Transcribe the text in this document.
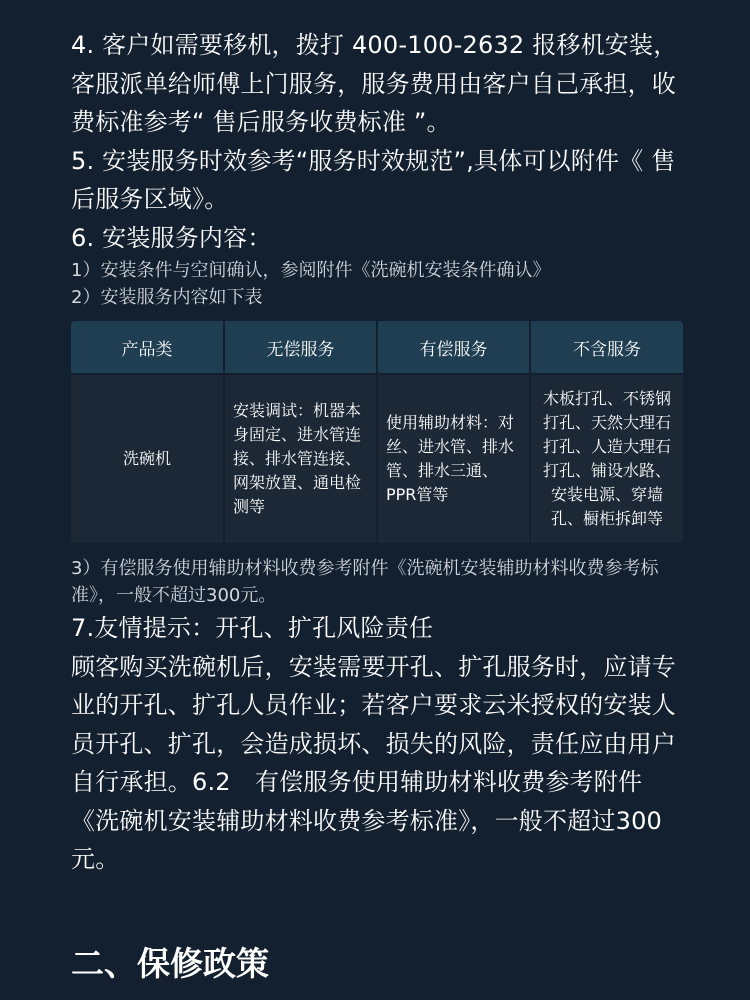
4. 客户如需要移机，拨打 400-100-2632 报移机安装，客服派单给师傅上门服务，服务费用由客户自己承担，收费标准参考“ 售后服务收费标准 ”。

5. 安装服务时效参考“服务时效规范”,具体可以附件《 售后服务区域》。

6. 安装服务内容：

1）安装条件与空间确认，参阅附件《洗碗机安装条件确认》

2）安装服务内容如下表

产品类	无偿服务	有偿服务	不含服务
洗碗机	安装调试：机器本身固定、进水管连接、排水管连接、网架放置、通电检测等	使用辅助材料：对丝、进水管、排水管、排水三通、PPR管等	木板打孔、不锈钢打孔、天然大理石打孔、人造大理石打孔、铺设水路、安装电源、穿墙孔、橱柜拆卸等

3）有偿服务使用辅助材料收费参考附件《洗碗机安装辅助材料收费参考标准》，一般不超过300元。

7.友情提示：开孔、扩孔风险责任

顾客购买洗碗机后，安装需要开孔、扩孔服务时，应请专业的开孔、扩孔人员作业；若客户要求云米授权的安装人员开孔、扩孔，会造成损坏、损失的风险，责任应由用户自行承担。6.2　有偿服务使用辅助材料收费参考附件《洗碗机安装辅助材料收费参考标准》，一般不超过300元。

二、保修政策
